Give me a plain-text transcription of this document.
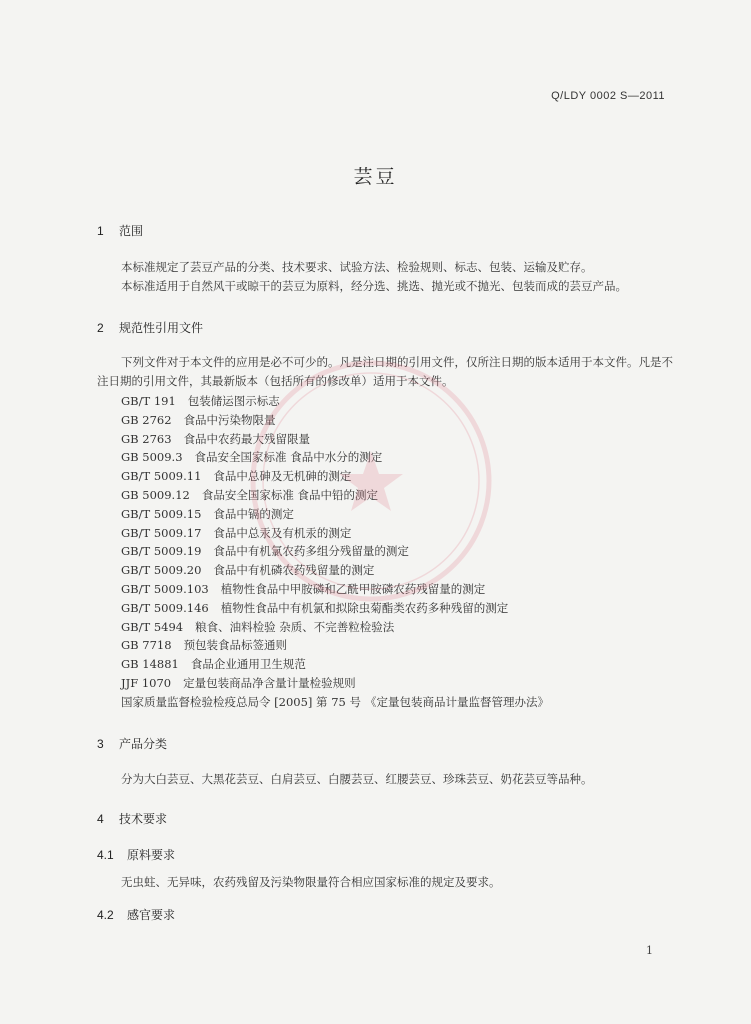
Q/LDY 0002 S—2011
芸豆
1 范围
本标准规定了芸豆产品的分类、技术要求、试验方法、检验规则、标志、包装、运输及贮存。
本标准适用于自然风干或晾干的芸豆为原料，经分选、挑选、抛光或不抛光、包装而成的芸豆产品。
2 规范性引用文件
下列文件对于本文件的应用是必不可少的。凡是注日期的引用文件，仅所注日期的版本适用于本文件。凡是不注日期的引用文件，其最新版本（包括所有的修改单）适用于本文件。
GB/T 191 包装储运图示标志
GB 2762 食品中污染物限量
GB 2763 食品中农药最大残留限量
GB 5009.3 食品安全国家标准 食品中水分的测定
GB/T 5009.11 食品中总砷及无机砷的测定
GB 5009.12 食品安全国家标准 食品中铅的测定
GB/T 5009.15 食品中镉的测定
GB/T 5009.17 食品中总汞及有机汞的测定
GB/T 5009.19 食品中有机氯农药多组分残留量的测定
GB/T 5009.20 食品中有机磷农药残留量的测定
GB/T 5009.103 植物性食品中甲胺磷和乙酰甲胺磷农药残留量的测定
GB/T 5009.146 植物性食品中有机氯和拟除虫菊酯类农药多种残留的测定
GB/T 5494 粮食、油料检验 杂质、不完善粒检验法
GB 7718 预包装食品标签通则
GB 14881 食品企业通用卫生规范
JJF 1070 定量包装商品净含量计量检验规则
国家质量监督检验检疫总局令 [2005] 第 75 号 《定量包装商品计量监督管理办法》
3 产品分类
分为大白芸豆、大黑花芸豆、白肩芸豆、白腰芸豆、红腰芸豆、珍珠芸豆、奶花芸豆等品种。
4 技术要求
4.1 原料要求
无虫蛀、无异味，农药残留及污染物限量符合相应国家标准的规定及要求。
4.2 感官要求
1
